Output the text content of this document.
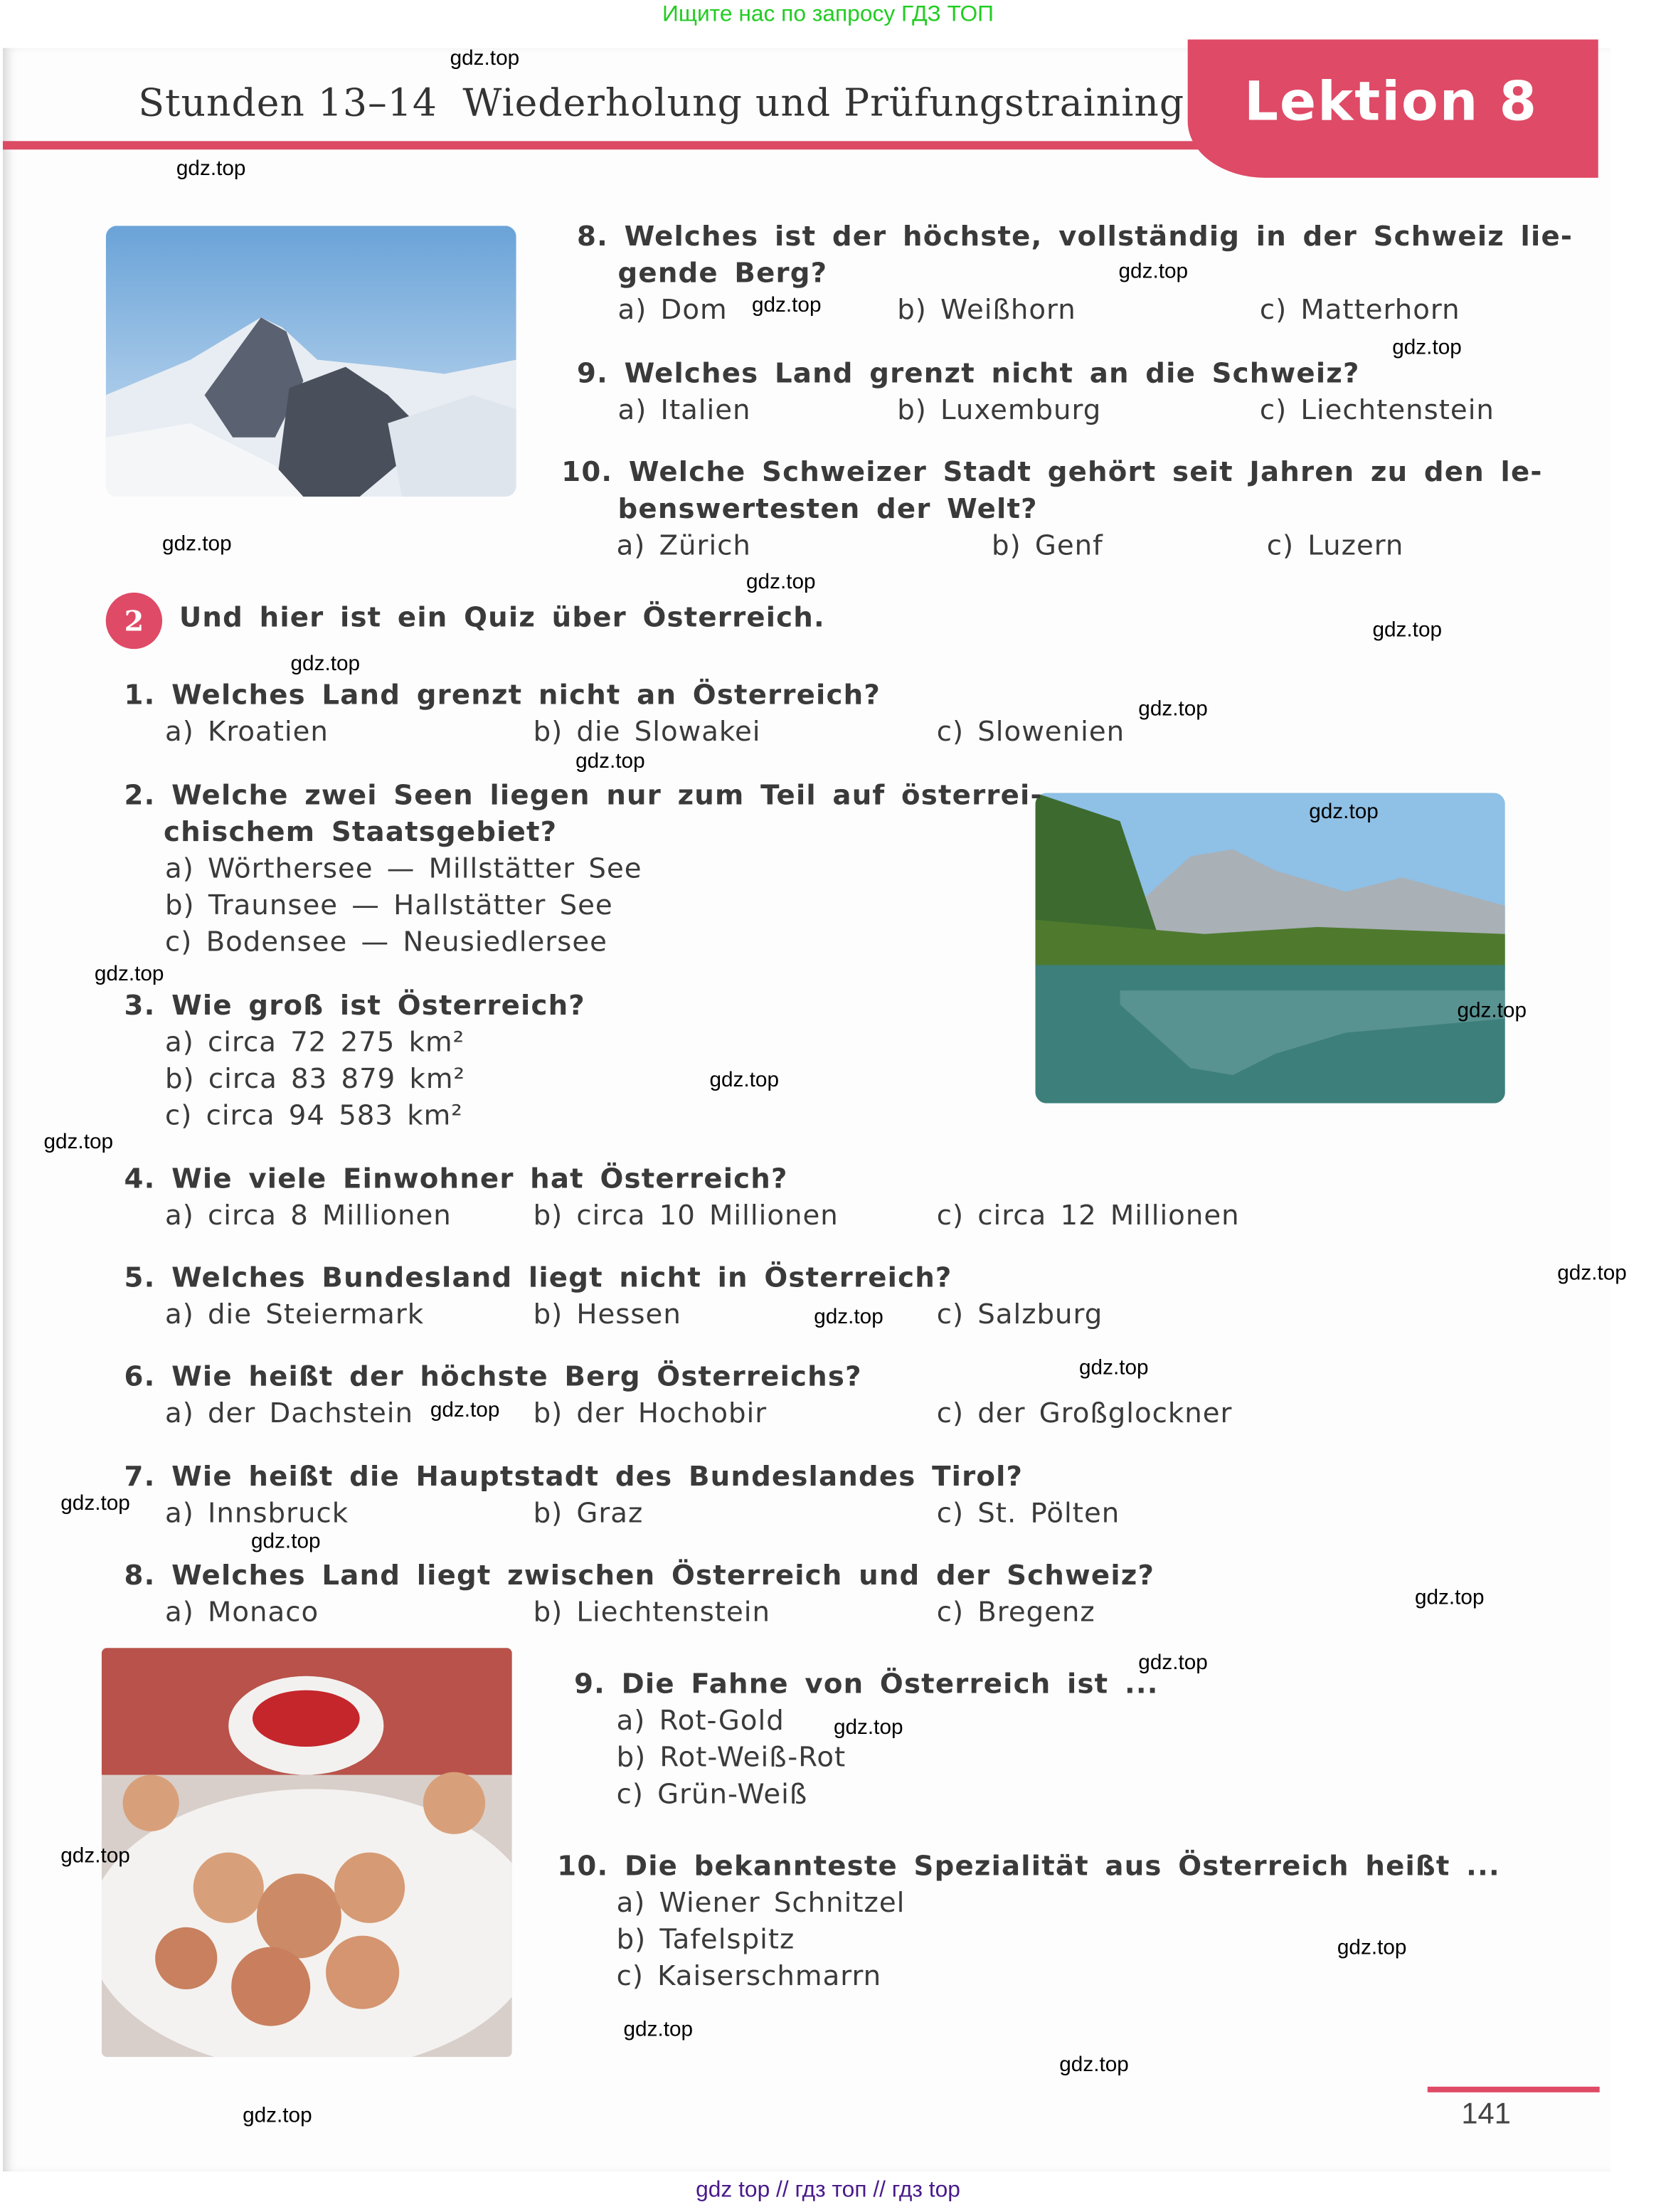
Ищите нас по запросу ГДЗ ТОП
Stunden 13–14 Wiederholung und Prüfungstraining Lektion 8
8. Welches ist der höchste, vollständig in der Schweiz lie-
gende Berg?
a) Dom	b) Weißhorn	c) Matterhorn
9. Welches Land grenzt nicht an die Schweiz?
a) Italien	b) Luxemburg	c) Liechtenstein
10. Welche Schweizer Stadt gehört seit Jahren zu den le-
benswertesten der Welt?
a) Zürich	b) Genf	c) Luzern
2	Und hier ist ein Quiz über Österreich.
1. Welches Land grenzt nicht an Österreich?
a) Kroatien	b) die Slowakei	c) Slowenien
2. Welche zwei Seen liegen nur zum Teil auf österrei-
chischem Staatsgebiet?
a) Wörthersee — Millstätter See
b) Traunsee — Hallstätter See
c) Bodensee — Neusiedlersee
3. Wie groß ist Österreich?
a) circa 72 275 km²
b) circa 83 879 km²
c) circa 94 583 km²
4. Wie viele Einwohner hat Österreich?
a) circa 8 Millionen	b) circa 10 Millionen	c) circa 12 Millionen
5. Welches Bundesland liegt nicht in Österreich?
a) die Steiermark	b) Hessen	c) Salzburg
6. Wie heißt der höchste Berg Österreichs?
a) der Dachstein	b) der Hochobir	c) der Großglockner
7. Wie heißt die Hauptstadt des Bundeslandes Tirol?
a) Innsbruck	b) Graz	c) St. Pölten
8. Welches Land liegt zwischen Österreich und der Schweiz?
a) Monaco	b) Liechtenstein	c) Bregenz
9. Die Fahne von Österreich ist ...
a) Rot-Gold
b) Rot-Weiß-Rot
c) Grün-Weiß
10. Die bekannteste Spezialität aus Österreich heißt ...
a) Wiener Schnitzel
b) Tafelspitz
c) Kaiserschmarrn
141
gdz top // гдз топ // гдз top
gdz.top
gdz.top
gdz.top
gdz.top
gdz.top
gdz.top
gdz.top
gdz.top
gdz.top
gdz.top
gdz.top
gdz.top
gdz.top
gdz.top
gdz.top
gdz.top
gdz.top
gdz.top
gdz.top
gdz.top
gdz.top
gdz.top
gdz.top
gdz.top
gdz.top
gdz.top
gdz.top
gdz.top
gdz.top
gdz.top
